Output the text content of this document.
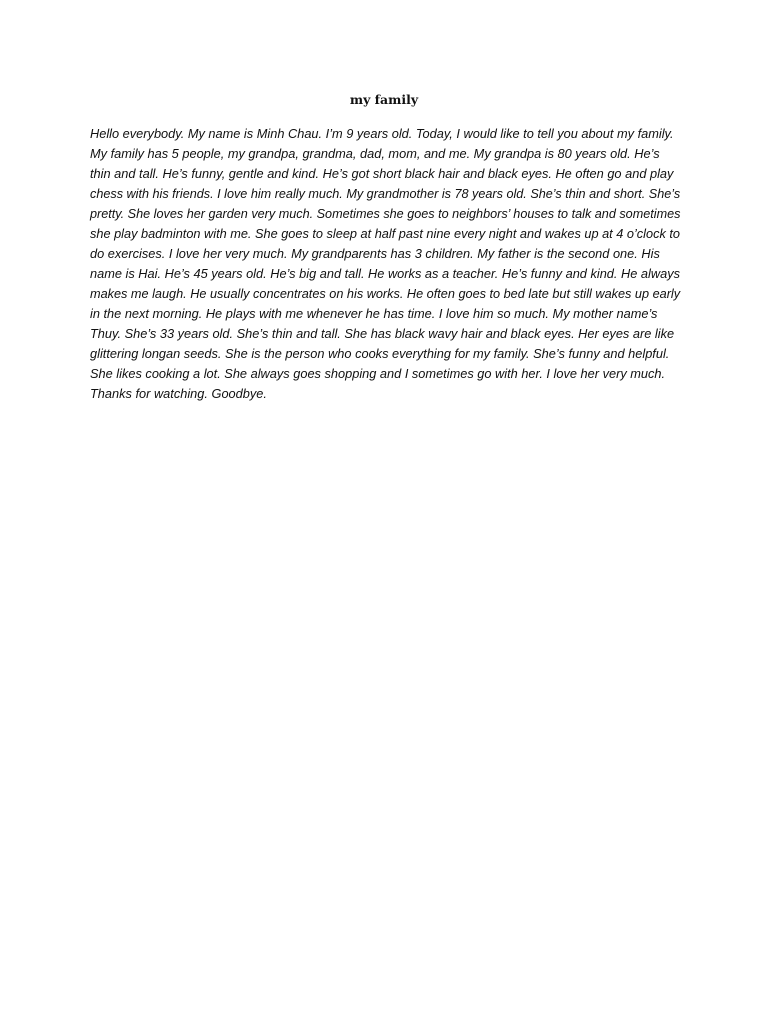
my family
Hello everybody. My name is Minh Chau. I’m 9 years old. Today, I would like to tell you about my family.
My family has 5 people, my grandpa, grandma, dad, mom, and me. My grandpa is 80 years old. He’s
thin and tall. He’s funny, gentle and kind. He’s got short black hair and black eyes. He often go and play
chess with his friends. I love him really much. My grandmother is 78 years old. She’s thin and short. She’s
pretty. She loves her garden very much. Sometimes she goes to neighbors’ houses to talk and sometimes
she play badminton with me. She goes to sleep at half past nine every night and wakes up at 4 o’clock to
do exercises. I love her very much. My grandparents has 3 children. My father is the second one. His
name is Hai. He’s 45 years old. He’s big and tall. He works as a teacher. He’s funny and kind. He always
makes me laugh. He usually concentrates on his works. He often goes to bed late but still wakes up early
in the next morning. He plays with me whenever he has time. I love him so much. My mother name’s
Thuy. She’s 33 years old. She’s thin and tall. She has black wavy hair and black eyes. Her eyes are like
glittering longan seeds. She is the person who cooks everything for my family. She’s funny and helpful.
She likes cooking a lot. She always goes shopping and I sometimes go with her. I love her very much.
Thanks for watching. Goodbye.
